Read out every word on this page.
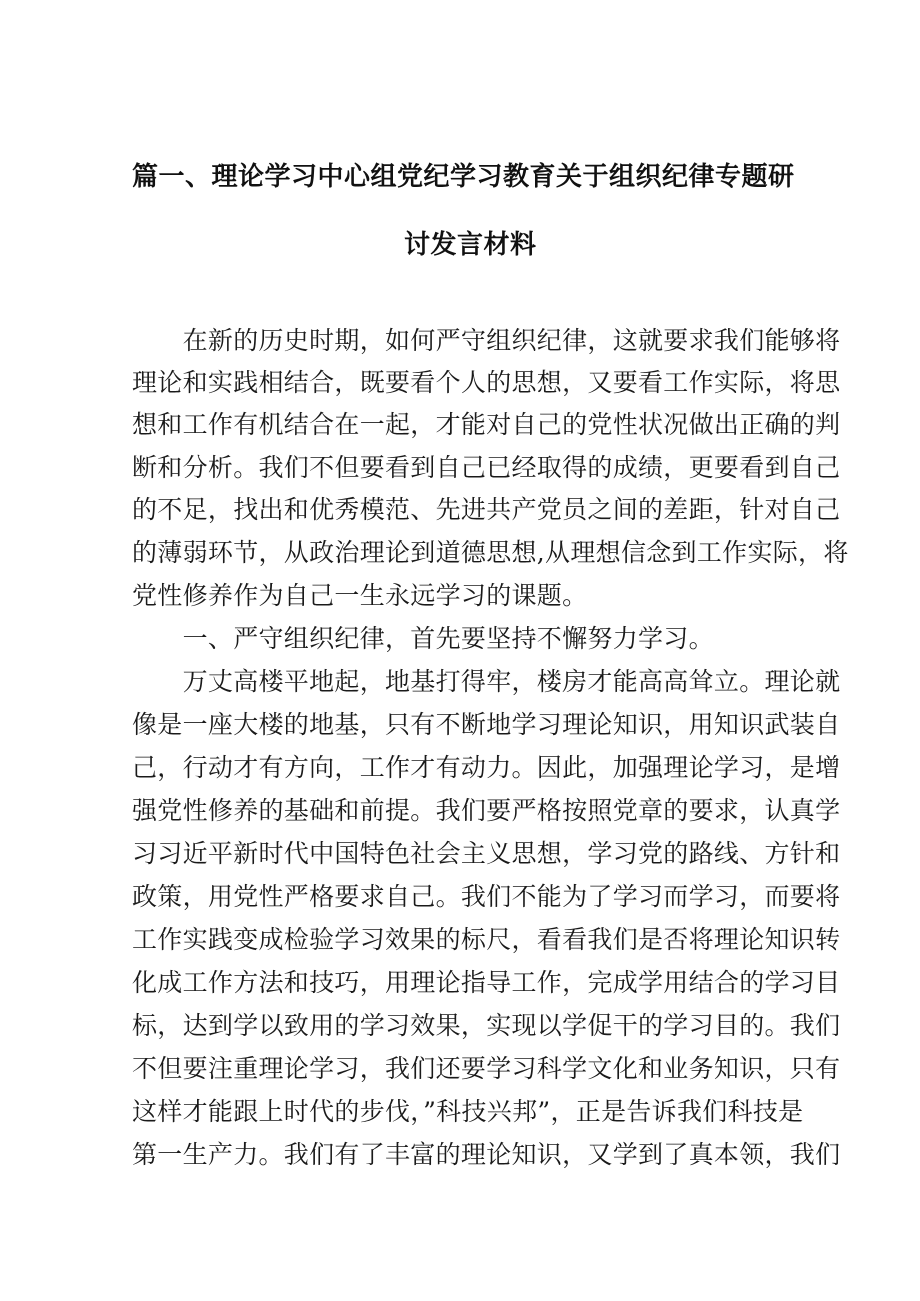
篇一、理论学习中心组党纪学习教育关于组织纪律专题研
讨发言材料
　　在新的历史时期，如何严守组织纪律，这就要求我们能够将
理论和实践相结合，既要看个人的思想，又要看工作实际，将思
想和工作有机结合在一起，才能对自己的党性状况做出正确的判
断和分析。我们不但要看到自己已经取得的成绩，更要看到自己
的不足，找出和优秀模范、先进共产党员之间的差距，针对自己
的薄弱环节，从政治理论到道德思想,从理想信念到工作实际，将
党性修养作为自己一生永远学习的课题。
　　一、严守组织纪律，首先要坚持不懈努力学习。
　　万丈高楼平地起，地基打得牢，楼房才能高高耸立。理论就
像是一座大楼的地基，只有不断地学习理论知识，用知识武装自
己，行动才有方向，工作才有动力。因此，加强理论学习，是增
强党性修养的基础和前提。我们要严格按照党章的要求，认真学
习习近平新时代中国特色社会主义思想，学习党的路线、方针和
政策，用党性严格要求自己。我们不能为了学习而学习，而要将
工作实践变成检验学习效果的标尺，看看我们是否将理论知识转
化成工作方法和技巧，用理论指导工作，完成学用结合的学习目
标，达到学以致用的学习效果，实现以学促干的学习目的。我们
不但要注重理论学习，我们还要学习科学文化和业务知识，只有
这样才能跟上时代的步伐，”科技兴邦”，正是告诉我们科技是
第一生产力。我们有了丰富的理论知识，又学到了真本领，我们
